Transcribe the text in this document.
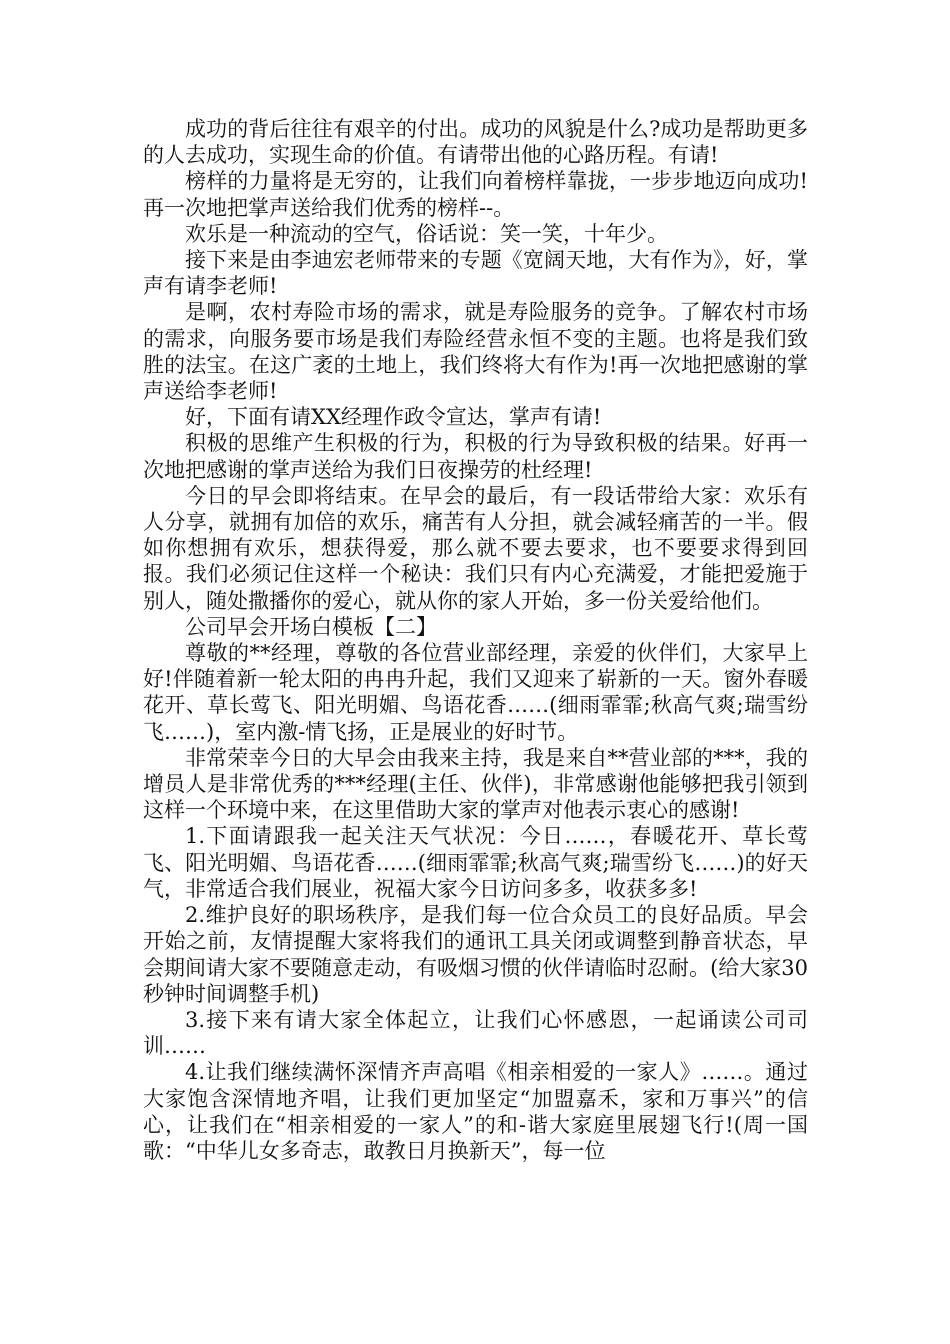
成功的背后往往有艰辛的付出。成功的风貌是什么?成功是帮助更多的人去成功，实现生命的价值。有请带出他的心路历程。有请!

榜样的力量将是无穷的，让我们向着榜样靠拢，一步步地迈向成功!再一次地把掌声送给我们优秀的榜样--。

欢乐是一种流动的空气，俗话说：笑一笑，十年少。

接下来是由李迪宏老师带来的专题《宽阔天地，大有作为》，好，掌声有请李老师!

是啊，农村寿险市场的需求，就是寿险服务的竞争。了解农村市场的需求，向服务要市场是我们寿险经营永恒不变的主题。也将是我们致胜的法宝。在这广袤的土地上，我们终将大有作为!再一次地把感谢的掌声送给李老师!

好，下面有请XX经理作政令宣达，掌声有请!

积极的思维产生积极的行为，积极的行为导致积极的结果。好再一次地把感谢的掌声送给为我们日夜操劳的杜经理!

今日的早会即将结束。在早会的最后，有一段话带给大家：欢乐有人分享，就拥有加倍的欢乐，痛苦有人分担，就会减轻痛苦的一半。假如你想拥有欢乐，想获得爱，那么就不要去要求，也不要要求得到回报。我们必须记住这样一个秘诀：我们只有内心充满爱，才能把爱施于别人，随处撒播你的爱心，就从你的家人开始，多一份关爱给他们。

公司早会开场白模板【二】

尊敬的**经理，尊敬的各位营业部经理，亲爱的伙伴们，大家早上好!伴随着新一轮太阳的冉冉升起，我们又迎来了崭新的一天。窗外春暖花开、草长莺飞、阳光明媚、鸟语花香……(细雨霏霏;秋高气爽;瑞雪纷飞……)，室内激-情飞扬，正是展业的好时节。

非常荣幸今日的大早会由我来主持，我是来自**营业部的***，我的增员人是非常优秀的***经理(主任、伙伴)，非常感谢他能够把我引领到这样一个环境中来，在这里借助大家的掌声对他表示衷心的感谢!

1.下面请跟我一起关注天气状况：今日……，春暖花开、草长莺飞、阳光明媚、鸟语花香……(细雨霏霏;秋高气爽;瑞雪纷飞……)的好天气，非常适合我们展业，祝福大家今日访问多多，收获多多!

2.维护良好的职场秩序，是我们每一位合众员工的良好品质。早会开始之前，友情提醒大家将我们的通讯工具关闭或调整到静音状态，早会期间请大家不要随意走动，有吸烟习惯的伙伴请临时忍耐。(给大家30秒钟时间调整手机)

3.接下来有请大家全体起立，让我们心怀感恩，一起诵读公司司训……

4.让我们继续满怀深情齐声高唱《相亲相爱的一家人》……。通过大家饱含深情地齐唱，让我们更加坚定“加盟嘉禾，家和万事兴”的信心，让我们在“相亲相爱的一家人”的和-谐大家庭里展翅飞行!(周一国歌：“中华儿女多奇志，敢教日月换新天”，每一位
